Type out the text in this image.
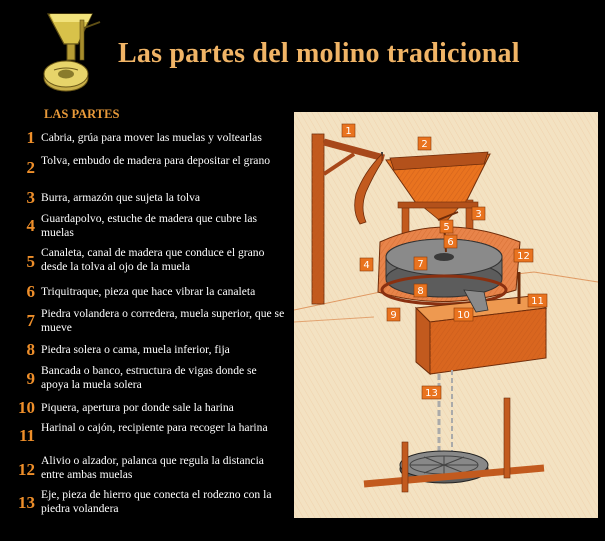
Las partes del molino tradicional
LAS PARTES
1 Cabria, grúa para mover las muelas y voltearlas
2 Tolva, embudo de madera para depositar el grano
3 Burra, armazón que sujeta la tolva
4 Guardapolvo, estuche de madera que cubre las muelas
5 Canaleta, canal de madera que conduce el grano desde la tolva al ojo de la muela
6 Triquitraque, pieza que hace vibrar la canaleta
7 Piedra volandera o corredera, muela superior, que se mueve
8 Piedra solera o cama, muela inferior, fija
9 Bancada o banco, estructura de vigas donde se apoya la muela solera
10 Piquera, apertura por donde sale la harina
11 Harinal o cajón, recipiente para recoger la harina
12 Alivio o alzador, palanca que regula la distancia entre ambas muelas
13 Eje, pieza de hierro que conecta el rodezno con la piedra volandera
1
2
3
4
5
6
7
8
9	10
11
12
13
